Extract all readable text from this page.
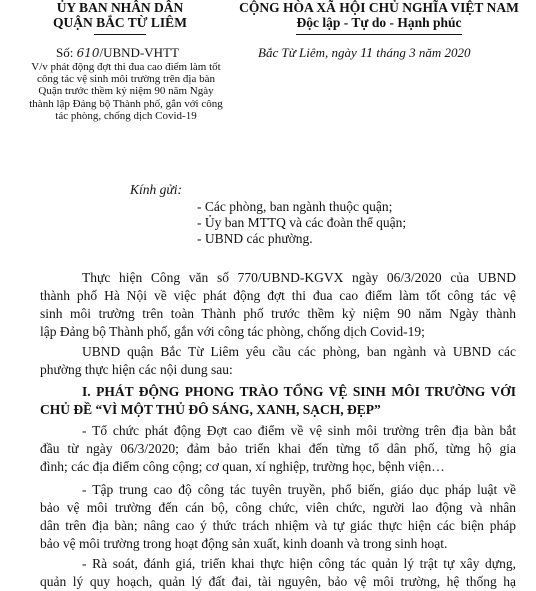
ỦY BAN NHÂN DÂN
QUẬN BẮC TỪ LIÊM
CỘNG HÒA XÃ HỘI CHỦ NGHĨA VIỆT NAM
Độc lập - Tự do - Hạnh phúc
Số: 610/UBND-VHTT	Bắc Từ Liêm, ngày 11 tháng 3 năm 2020
V/v phát động đợt thi đua cao điểm làm tốt công tác vệ sinh môi trường trên địa bàn Quận trước thềm kỷ niệm 90 năm Ngày thành lập Đảng bộ Thành phố, gắn với công tác phòng, chống dịch Covid-19
Kính gửi:
- Các phòng, ban ngành thuộc quận;
- Ủy ban MTTQ và các đoàn thể quận;
- UBND các phường.
Thực hiện Công văn số 770/UBND-KGVX ngày 06/3/2020 của UBND
thành phố Hà Nội về việc phát động đợt thi đua cao điểm làm tốt công tác vệ
sinh môi trường trên toàn Thành phố trước thềm kỷ niệm 90 năm Ngày thành
lập Đảng bộ Thành phố, gắn với công tác phòng, chống dịch Covid-19;
UBND quận Bắc Từ Liêm yêu cầu các phòng, ban ngành và UBND các
phường thực hiện các nội dung sau:
I. PHÁT ĐỘNG PHONG TRÀO TỔNG VỆ SINH MÔI TRƯỜNG VỚI
CHỦ ĐỀ “VÌ MỘT THỦ ĐÔ SÁNG, XANH, SẠCH, ĐẸP”
- Tổ chức phát động Đợt cao điểm về vệ sinh môi trường trên địa bàn bắt
đầu từ ngày 06/3/2020; đảm bảo triển khai đến từng tổ dân phố, từng hộ gia
đình; các địa điểm công cộng; cơ quan, xí nghiệp, trường học, bệnh viện…
- Tập trung cao độ công tác tuyên truyền, phổ biến, giáo dục pháp luật về
bảo vệ môi trường đến cán bộ, công chức, viên chức, người lao động và nhân
dân trên địa bàn; nâng cao ý thức trách nhiệm và tự giác thực hiện các biện pháp
bảo vệ môi trường trong hoạt động sản xuất, kinh doanh và trong sinh hoạt.
- Rà soát, đánh giá, triển khai thực hiện công tác quản lý trật tự xây dựng,
quản lý quy hoạch, quản lý đất đai, tài nguyên, bảo vệ môi trường, hệ thống hạ
